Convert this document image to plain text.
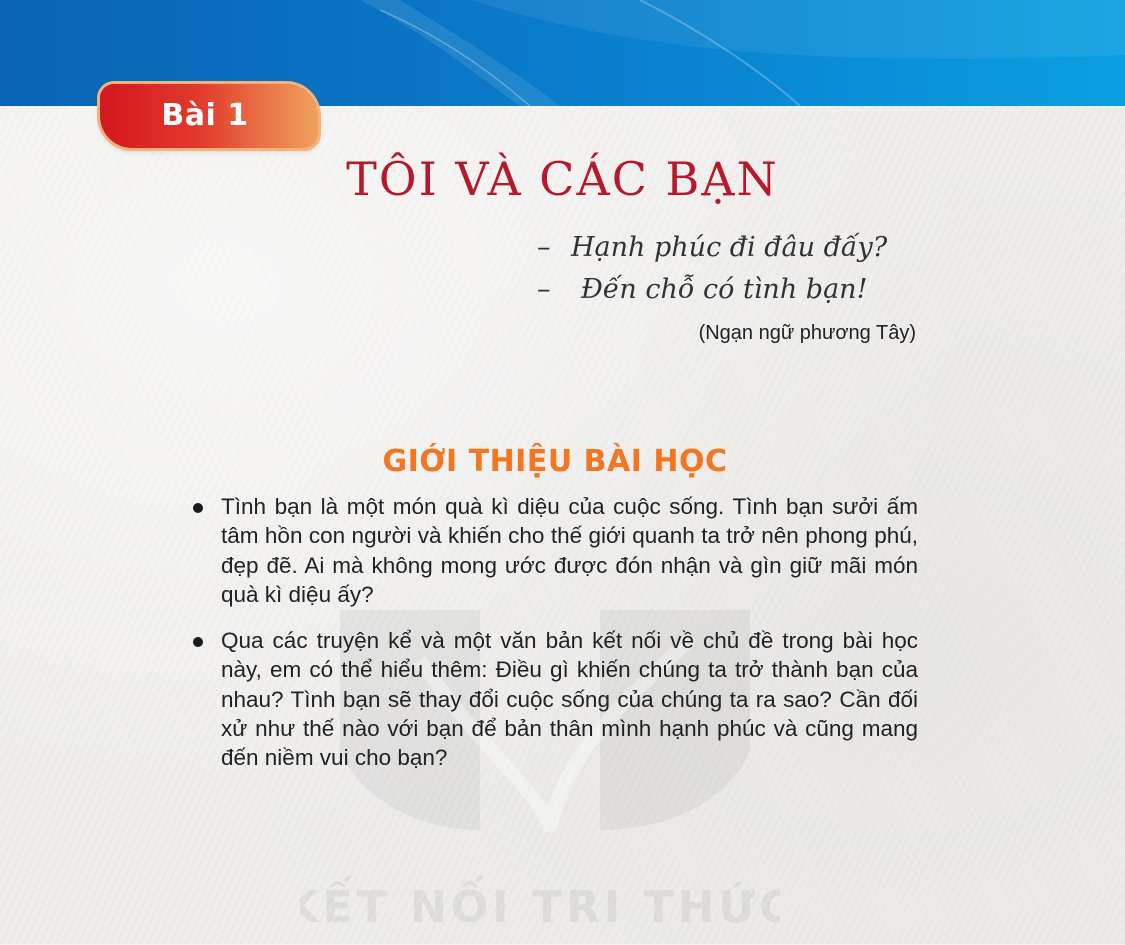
Bài 1
TÔI VÀ CÁC BẠN
– Hạnh phúc đi đâu đấy?
– Đến chỗ có tình bạn!
(Ngạn ngữ phương Tây)
KẾT NỐI TRI THỨC
GIỚI THIỆU BÀI HỌC
Tình bạn là một món quà kì diệu của cuộc sống. Tình bạn sưởi ấm tâm hồn con người và khiến cho thế giới quanh ta trở nên phong phú, đẹp đẽ. Ai mà không mong ước được đón nhận và gìn giữ mãi món quà kì diệu ấy?
Qua các truyện kể và một văn bản kết nối về chủ đề trong bài học này, em có thể hiểu thêm: Điều gì khiến chúng ta trở thành bạn của nhau? Tình bạn sẽ thay đổi cuộc sống của chúng ta ra sao? Cần đối xử như thế nào với bạn để bản thân mình hạnh phúc và cũng mang đến niềm vui cho bạn?
